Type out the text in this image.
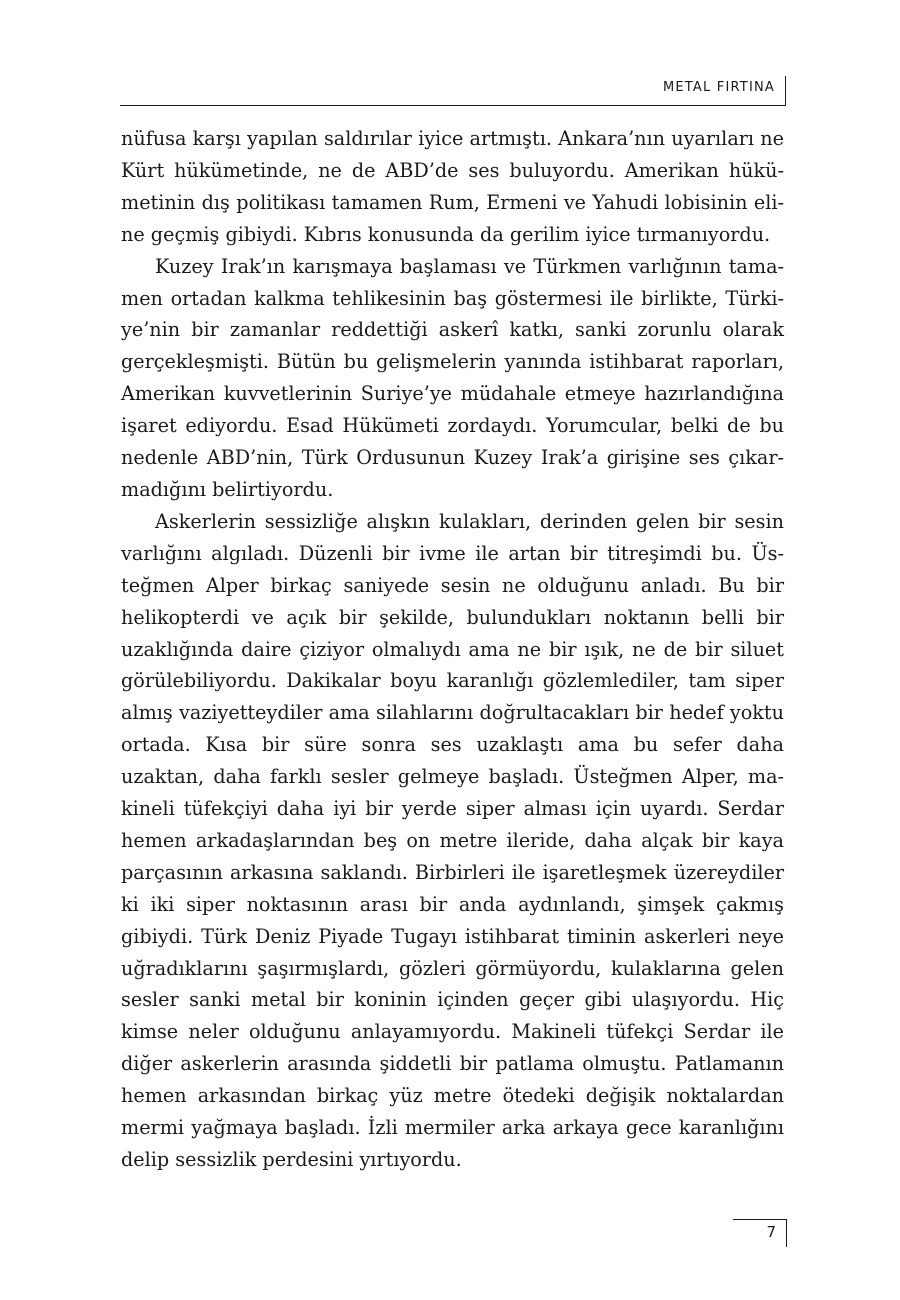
METAL FIRTINA

nüfusa karşı yapılan saldırılar iyice artmıştı. Ankara’nın uyarıları ne Kürt hükümetinde, ne de ABD’de ses buluyordu. Amerikan hükümetinin dış politikası tamamen Rum, Ermeni ve Yahudi lobisinin eline geçmiş gibiydi. Kıbrıs konusunda da gerilim iyice tırmanıyordu.

Kuzey Irak’ın karışmaya başlaması ve Türkmen varlığının tamamen ortadan kalkma tehlikesinin baş göstermesi ile birlikte, Türkiye’nin bir zamanlar reddettiği askerî katkı, sanki zorunlu olarak gerçekleşmişti. Bütün bu gelişmelerin yanında istihbarat raporları, Amerikan kuvvetlerinin Suriye’ye müdahale etmeye hazırlandığına işaret ediyordu. Esad Hükümeti zordaydı. Yorumcular, belki de bu nedenle ABD’nin, Türk Ordusunun Kuzey Irak’a girişine ses çıkarmadığını belirtiyordu.

Askerlerin sessizliğe alışkın kulakları, derinden gelen bir sesin varlığını algıladı. Düzenli bir ivme ile artan bir titreşimdi bu. Üsteğmen Alper birkaç saniyede sesin ne olduğunu anladı. Bu bir helikopterdi ve açık bir şekilde, bulundukları noktanın belli bir uzaklığında daire çiziyor olmalıydı ama ne bir ışık, ne de bir siluet görülebiliyordu. Dakikalar boyu karanlığı gözlemlediler, tam siper almış vaziyetteydiler ama silahlarını doğrultacakları bir hedef yoktu ortada. Kısa bir süre sonra ses uzaklaştı ama bu sefer daha uzaktan, daha farklı sesler gelmeye başladı. Üsteğmen Alper, makineli tüfekçiyi daha iyi bir yerde siper alması için uyardı. Serdar hemen arkadaşlarından beş on metre ileride, daha alçak bir kaya parçasının arkasına saklandı. Birbirleri ile işaretleşmek üzereydiler ki iki siper noktasının arası bir anda aydınlandı, şimşek çakmış gibiydi. Türk Deniz Piyade Tugayı istihbarat timinin askerleri neye uğradıklarını şaşırmışlardı, gözleri görmüyordu, kulaklarına gelen sesler sanki metal bir koninin içinden geçer gibi ulaşıyordu. Hiç kimse neler olduğunu anlayamıyordu. Makineli tüfekçi Serdar ile diğer askerlerin arasında şiddetli bir patlama olmuştu. Patlamanın hemen arkasından birkaç yüz metre ötedeki değişik noktalardan mermi yağmaya başladı. İzli mermiler arka arkaya gece karanlığını delip sessizlik perdesini yırtıyordu.

7
